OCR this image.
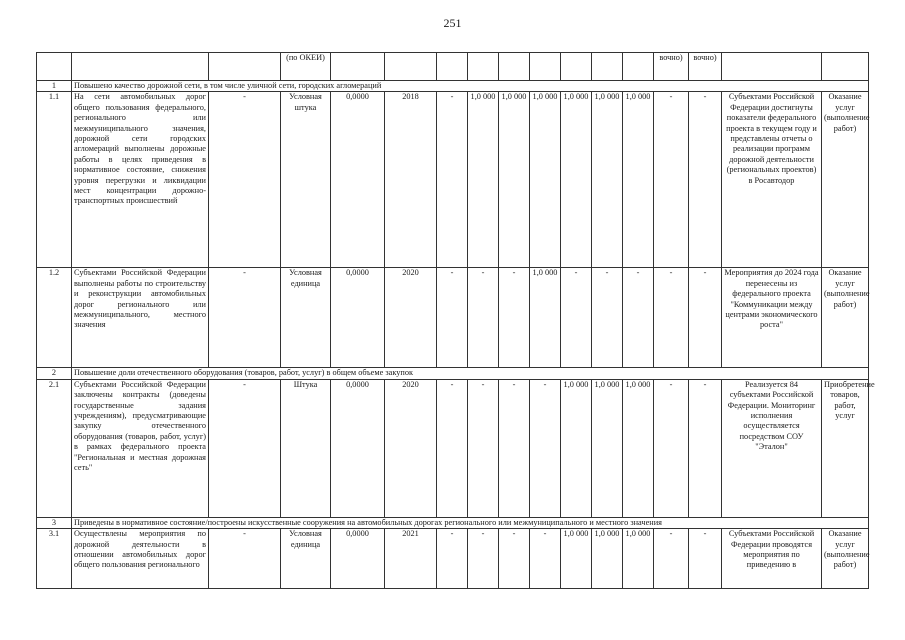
251
			(по ОКЕИ)										вочно)	вочно)		
1	Повышено качество дорожной сети, в том числе уличной сети, городских агломераций															
1.1	На сети автомобильных дорог общего пользования федерального, регионального или межмуниципального значения, дорожной сети городских агломераций выполнены дорожные работы в целях приведения в нормативное состояние, снижения уровня перегрузки и ликвидации мест концентрации дорожно-транспортных происшествий	-	Условная штука	0,0000	2018	-	1,0 000	1,0 000	1,0 000	1,0 000	1,0 000	1,0 000	-	-	Субъектами Российской Федерации достигнуты показатели федерального проекта в текущем году и представлены отчеты о реализации программ дорожной деятельности (региональных проектов) в Росавтодор	Оказание услуг (выполнение работ)
1.2	Субъектами Российской Федерации выполнены работы по строительству и реконструкции автомобильных дорог регионального или межмуниципального, местного значения	-	Условная единица	0,0000	2020	-	-	-	1,0 000	-	-	-	-	-	Мероприятия до 2024 года перенесены из федерального проекта "Коммуникации между центрами экономического роста"	Оказание услуг (выполнение работ)
2	Повышение доли отечественного оборудования (товаров, работ, услуг) в общем объеме закупок															
2.1	Субъектами Российской Федерации заключены контракты (доведены государственные задания учреждениям), предусматривающие закупку отечественного оборудования (товаров, работ, услуг) в рамках федерального проекта "Региональная и местная дорожная сеть"	-	Штука	0,0000	2020	-	-	-	-	1,0 000	1,0 000	1,0 000	-	-	Реализуется 84 субъектами Российской Федерации. Мониторинг исполнения осуществляется посредством СОУ "Эталон"	Приобретение товаров, работ, услуг
3	Приведены в нормативное состояние/построены искусственные сооружения на автомобильных дорогах регионального или межмуниципального и местного значения															
3.1	Осуществлены мероприятия по дорожной деятельности в отношении автомобильных дорог общего пользования регионального	-	Условная единица	0,0000	2021	-	-	-	-	1,0 000	1,0 000	1,0 000	-	-	Субъектами Российской Федерации проводятся мероприятия по приведению в	Оказание услуг (выполнение работ)
